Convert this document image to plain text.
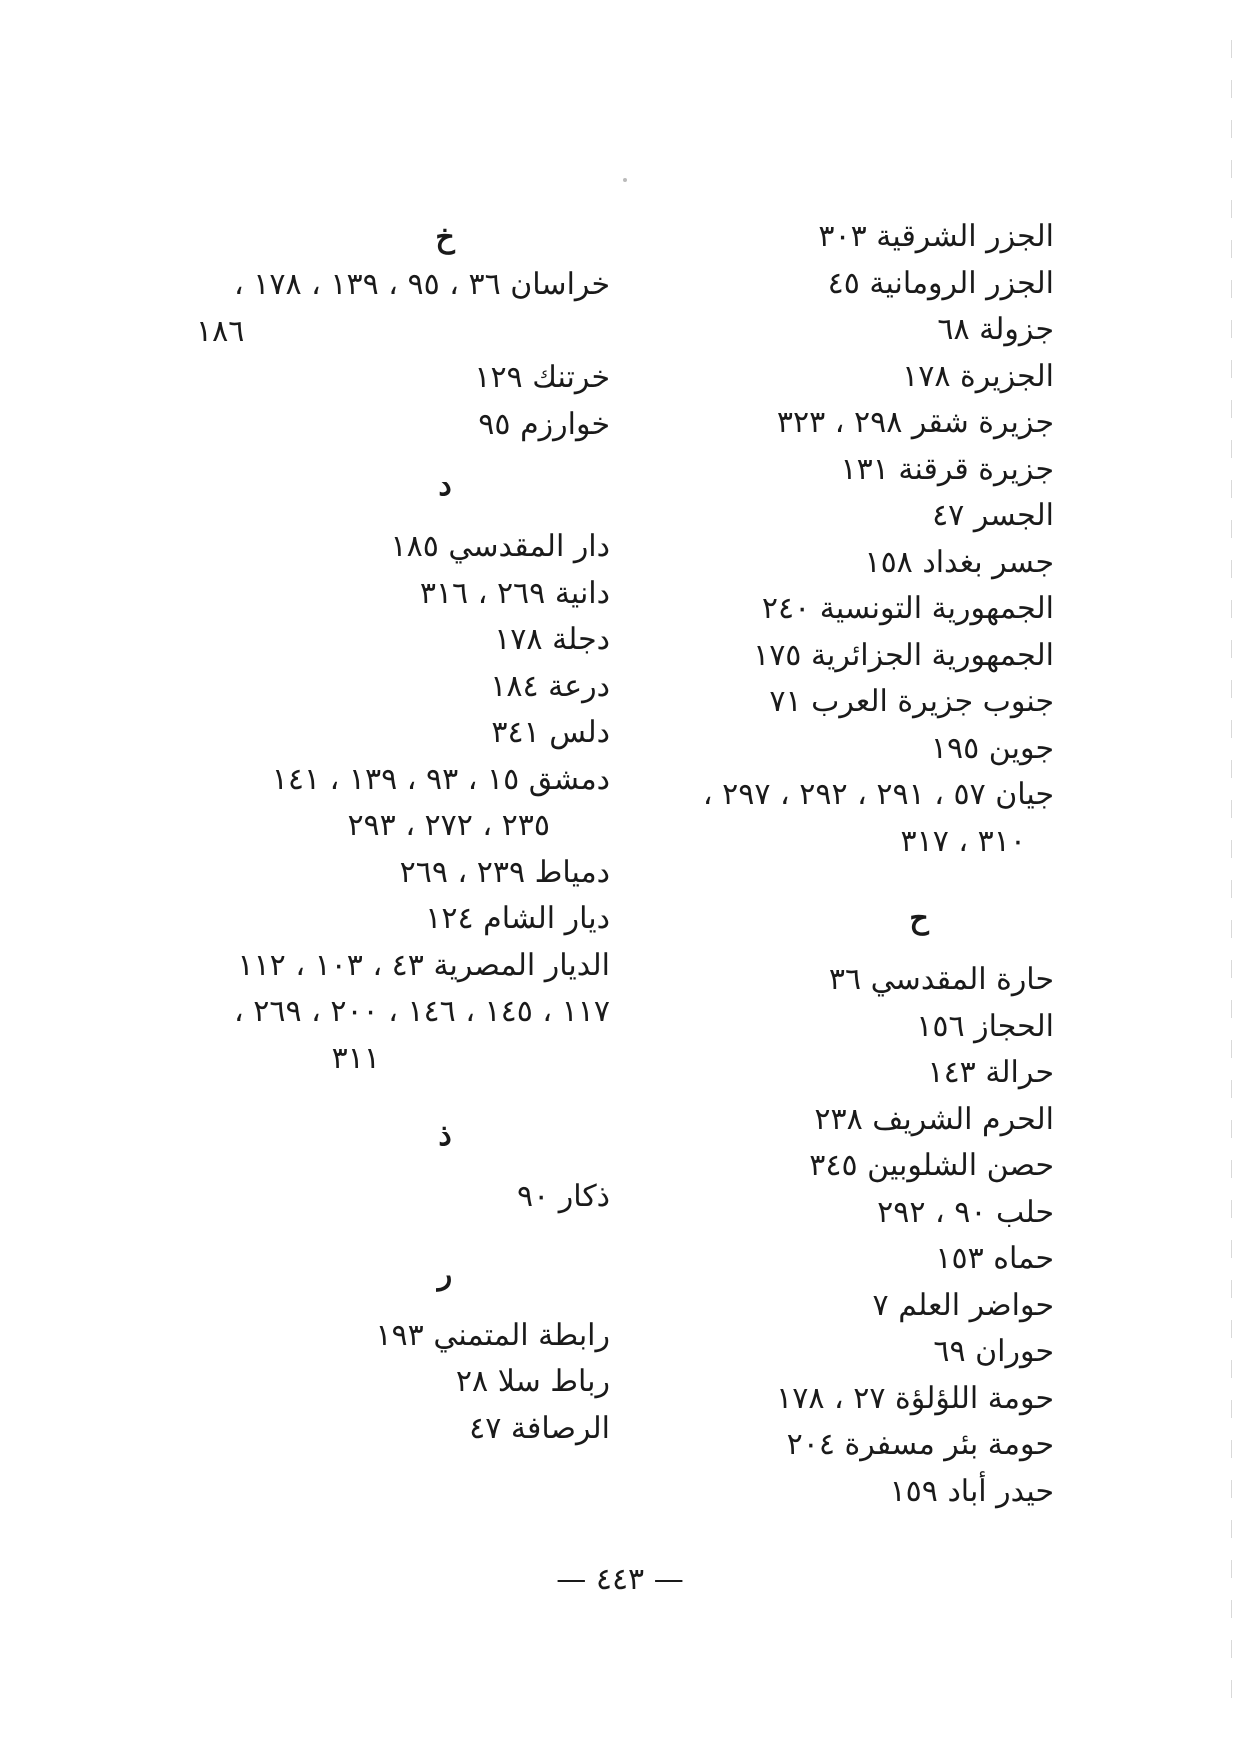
الجزر الشرقية ٣٠٣
الجزر الرومانية ٤٥
جزولة ٦٨
الجزيرة ١٧٨
جزيرة شقر ٢٩٨ ، ٣٢٣
جزيرة قرقنة ١٣١
الجسر ٤٧
جسر بغداد ١٥٨
الجمهورية التونسية ٢٤٠
الجمهورية الجزائرية ١٧٥
جنوب جزيرة العرب ٧١
جوين ١٩٥
جيان ٥٧ ، ٢٩١ ، ٢٩٢ ، ٢٩٧ ،
٣١٠ ، ٣١٧
ح
حارة المقدسي ٣٦
الحجاز ١٥٦
حرالة ١٤٣
الحرم الشريف ٢٣٨
حصن الشلوبين ٣٤٥
حلب ٩٠ ، ٢٩٢
حماه ١٥٣
حواضر العلم ٧
حوران ٦٩
حومة اللؤلؤة ٢٧ ، ١٧٨
حومة بئر مسفرة ٢٠٤
حيدر أباد ١٥٩
خ
خراسان ٣٦ ، ٩٥ ، ١٣٩ ، ١٧٨ ،
١٨٦
خرتنك ١٢٩
خوارزم ٩٥
د
دار المقدسي ١٨٥
دانية ٢٦٩ ، ٣١٦
دجلة ١٧٨
درعة ١٨٤
دلس ٣٤١
دمشق ١٥ ، ٩٣ ، ١٣٩ ، ١٤١
٢٣٥ ، ٢٧٢ ، ٢٩٣
دمياط ٢٣٩ ، ٢٦٩
ديار الشام ١٢٤
الديار المصرية ٤٣ ، ١٠٣ ، ١١٢
١١٧ ، ١٤٥ ، ١٤٦ ، ٢٠٠ ، ٢٦٩ ،
٣١١
ذ
ذكار ٩٠
ر
رابطة المتمني ١٩٣
رباط سلا ٢٨
الرصافة ٤٧
— ٤٤٣ —
